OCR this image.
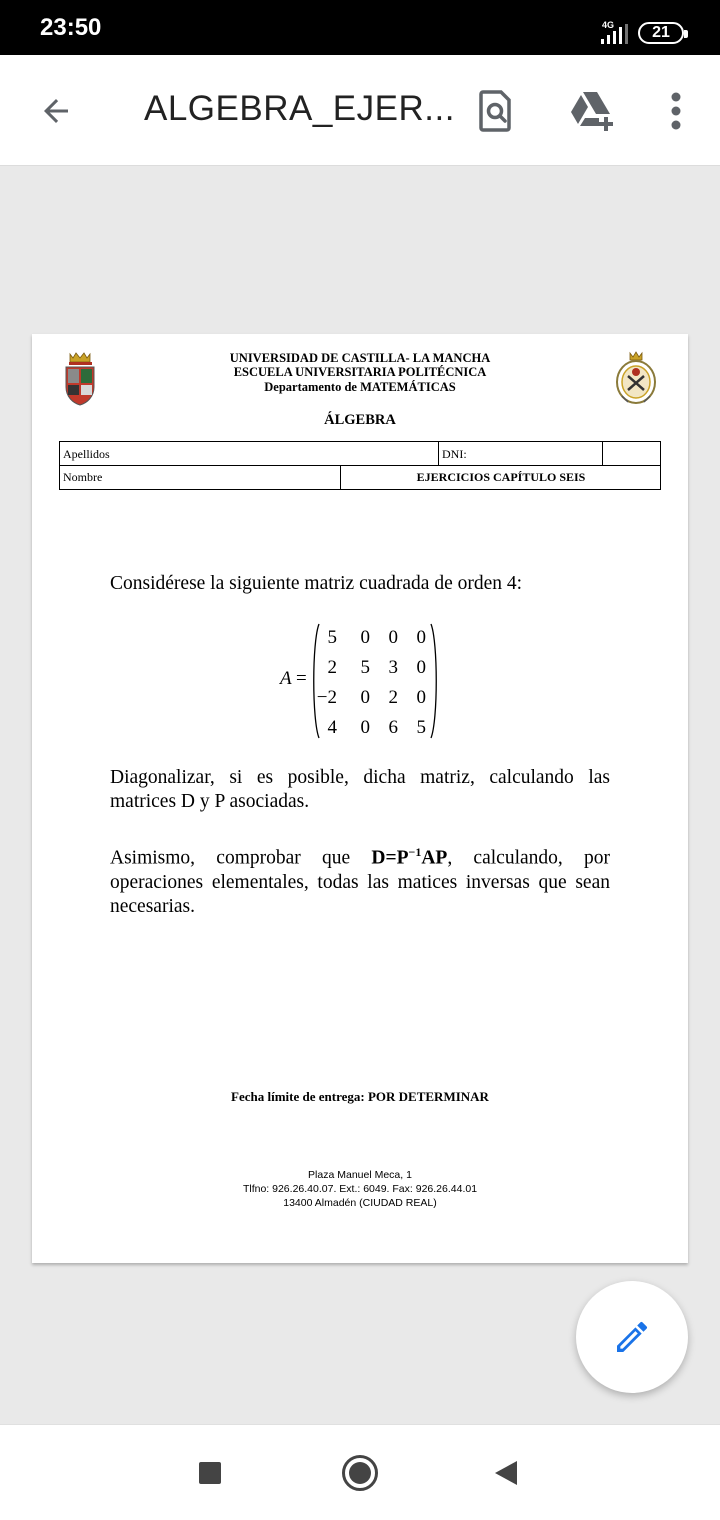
23:50	4G 21
ALGEBRA_EJER...
UNIVERSIDAD DE CASTILLA- LA MANCHA
ESCUELA UNIVERSITARIA POLITÉCNICA
Departamento de MATEMÁTICAS
ÁLGEBRA
Apellidos	DNI:
Nombre	EJERCICIOS CAPÍTULO SEIS
Considérese la siguiente matriz cuadrada de orden 4:
A =
5	0 0 0
2	5 3 0
−2	0 2 0
4	0 6 5
Diagonalizar, si es posible, dicha matriz, calculando las matrices D y P asociadas.
Asimismo, comprobar que $D=P^{-1}AP$, calculando, por operaciones elementales, todas las matices inversas que sean necesarias.
Fecha límite de entrega: POR DETERMINAR
Plaza Manuel Meca, 1
Tlfno: 926.26.40.07. Ext.: 6049. Fax: 926.26.44.01
13400 Almadén (CIUDAD REAL)
